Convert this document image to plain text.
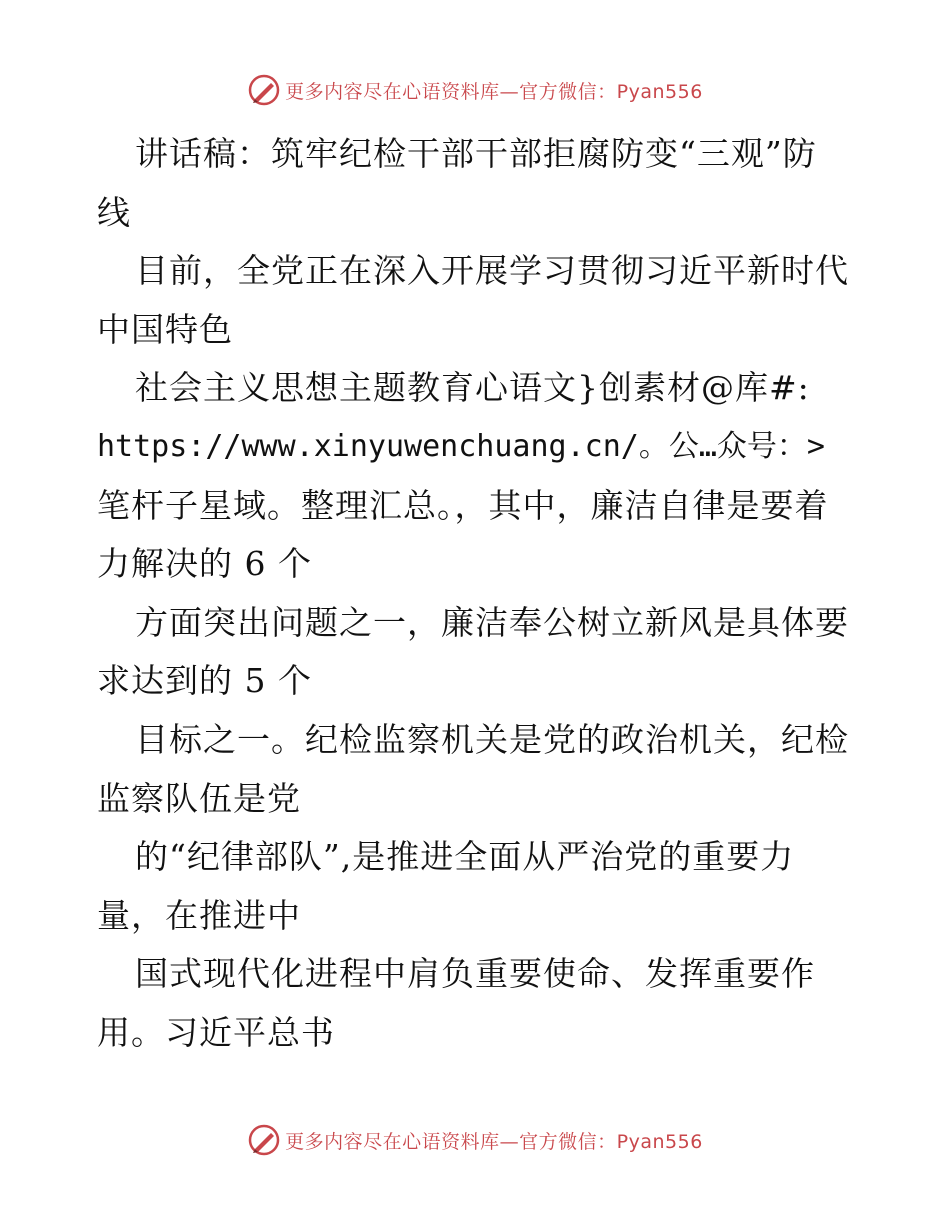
更多内容尽在心语资料库—官方微信：Pyan556
讲话稿：筑牢纪检干部干部拒腐防变“三观”防
线
目前，全党正在深入开展学习贯彻习近平新时代
中国特色
社会主义思想主题教育心语文}创素材@库#:
https://www.xinyuwenchuang.cn/。公…众号：>
笔杆子星域。整理汇总。，其中，廉洁自律是要着
力解决的 6 个
方面突出问题之一，廉洁奉公树立新风是具体要
求达到的 5 个
目标之一。纪检监察机关是党的政治机关，纪检
监察队伍是党
的“纪律部队”,是推进全面从严治党的重要力
量，在推进中
国式现代化进程中肩负重要使命、发挥重要作
用。习近平总书
更多内容尽在心语资料库—官方微信：Pyan556
